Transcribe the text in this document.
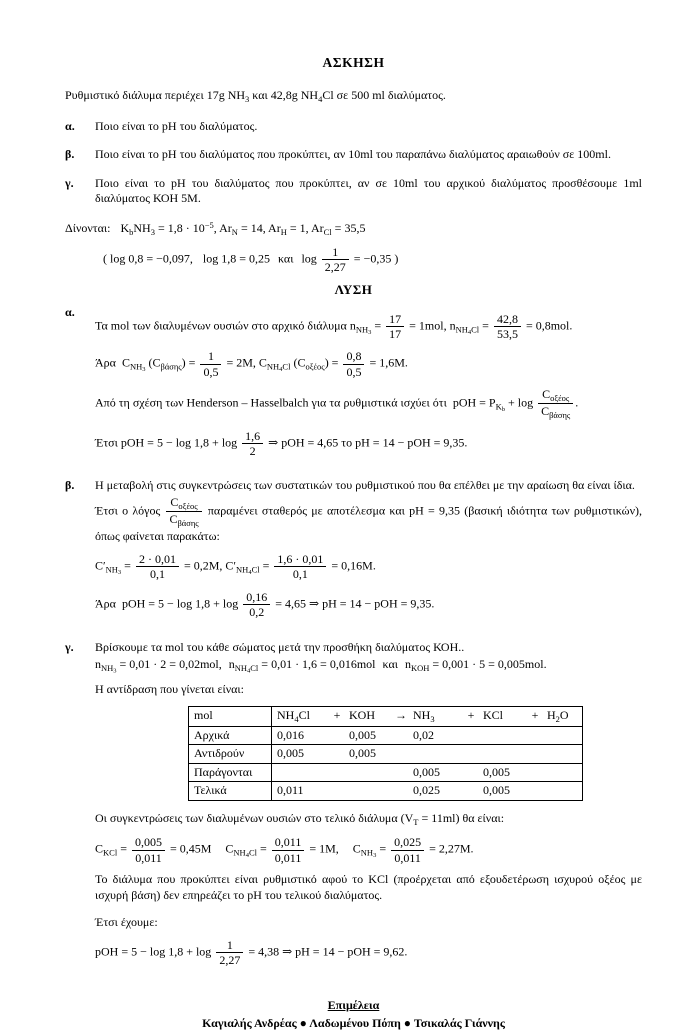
ΑΣΚΗΣΗ
Ρυθμιστικό διάλυμα περιέχει 17g $NH_3$ και 42,8g $NH_4Cl$ σε 500 ml διαλύματος.
α.	Ποιο είναι το pH του διαλύματος.
β.	Ποιο είναι το pH του διαλύματος που προκύπτει, αν 10ml του παραπάνω διαλύματος αραιωθούν σε 100ml.
γ.	Ποιο είναι το pH του διαλύματος που προκύπτει, αν σε 10ml του αρχικού διαλύματος προσθέσουμε 1ml διαλύματος ΚΟΗ 5Μ.
Δίνονται: $K_bNH_3 = 1,8 \cdot 10^{-5}$, $Ar_N = 14$, $Ar_H = 1$, $Ar_{Cl} = 35,5$
( log 0,8 = −0,097, log 1,8 = 0,25 και $\log \frac{1}{2,27} = -0,35$ )
ΛΥΣΗ
α.
Τα mol των διαλυμένων ουσιών στο αρχικό διάλυμα $n_{NH3} = \frac{17}{17} = 1mol$, $n_{NH4Cl} = \frac{42,8}{53,5} = 0,8mol$.
Άρα $C_{NH3}$ $(C_{\beta ά\sigma\eta\varsigma}) = \frac{1}{0,5} = 2M$, $C_{NH4Cl}$ $(C_{o\xi έo\varsigma}) = \frac{0,8}{0,5} = 1,6M$.
Από τη σχέση των Henderson – Hasselbalch για τα ρυθμιστικά ισχύει ότι pOH = $P_{Kb} + \log \frac{C_{o\xi έo\varsigma}}{C_{\beta ά\sigma\eta\varsigma}}$ .
Έτσι pOH = $5 - \log 1,8 + \log \frac{1,6}{2}$ ⇒ pOH = 4,65 το pH = 14 − pOH = 9,35.
β.	Η μεταβολή στις συγκεντρώσεις των συστατικών του ρυθμιστικού που θα επέλθει με την αραίωση θα είναι ίδια.
Έτσι ο λόγος $\frac{C_{o\xi έo\varsigma}}{C_{\beta ά\sigma\eta\varsigma}}$ παραμένει σταθερός με αποτέλεσμα και pH = 9,35 (βασική ιδιότητα των ρυθμιστικών), όπως φαίνεται παρακάτω:
$C'_{NH3} = \frac{2 \cdot 0,01}{0,1} = 0,2M$, $C'_{NH4Cl} = \frac{1,6 \cdot 0,01}{0,1} = 0,16M$.
Άρα pOH = $5 - \log 1,8 + \log \frac{0,16}{0,2} = 4,65$ ⇒ pH = 14 − pOH = 9,35.
γ.	Βρίσκουμε τα mol του κάθε σώματος μετά την προσθήκη διαλύματος ΚΟΗ..
$n_{NH3} = 0,01 \cdot 2 = 0,02mol$, $n_{NH4Cl} = 0,01 \cdot 1,6 = 0,016mol$ και $n_{KOH} = 0,001 \cdot 5 = 0,005mol$.
Η αντίδραση που γίνεται είναι:
mol	$NH_4Cl$	+	KOH	→	$NH_3$	+	KCl	+	$H_2O$
Αρχικά	0,016		0,005		0,02				
Αντιδρούν	0,005		0,005						
Παράγονται					0,005		0,005		
Τελικά	0,011				0,025		0,005		
Οι συγκεντρώσεις των διαλυμένων ουσιών στο τελικό διάλυμα $(V_T = 11ml)$ θα είναι:
$C_{KCl} = \frac{0,005}{0,011} = 0,45M$ $C_{NH4Cl} = \frac{0,011}{0,011} = 1M$, $C_{NH3} = \frac{0,025}{0,011} = 2,27M$.
Το διάλυμα που προκύπτει είναι ρυθμιστικό αφού το KCl (προέρχεται από εξουδετέρωση ισχυρού οξέος με ισχυρή βάση) δεν επηρεάζει το pH του τελικού διαλύματος.
Έτσι έχουμε:
pOH = $5 - \log 1,8 + \log \frac{1}{2,27} = 4,38$ ⇒ pH = 14 − pOH = 9,62.
Επιμέλεια
Καγιαλής Ανδρέας ● Λαδωμένου Πόπη ● Τσικαλάς Γιάννης
